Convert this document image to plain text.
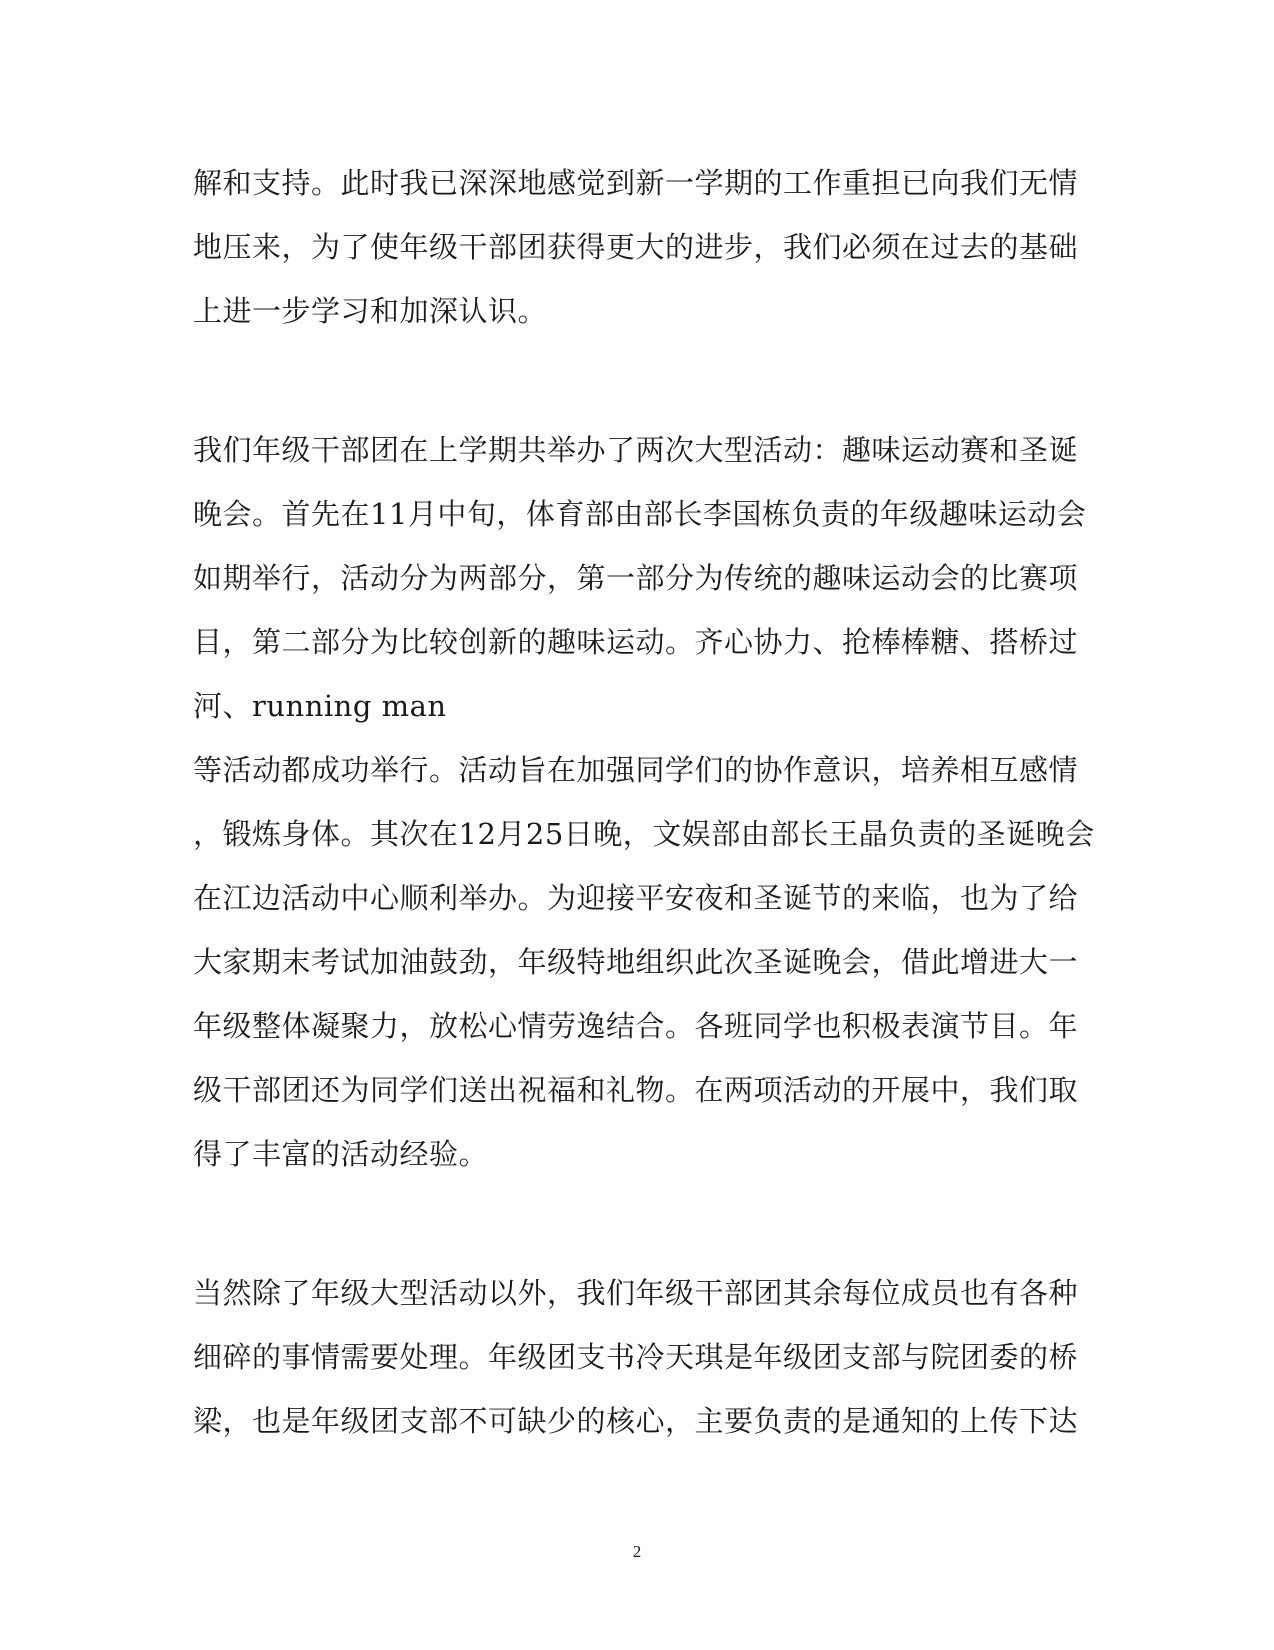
解和支持。此时我已深深地感觉到新一学期的工作重担已向我们无情
地压来，为了使年级干部团获得更大的进步，我们必须在过去的基础
上进一步学习和加深认识。
我们年级干部团在上学期共举办了两次大型活动：趣味运动赛和圣诞
晚会。首先在11月中旬，体育部由部长李国栋负责的年级趣味运动会
如期举行，活动分为两部分，第一部分为传统的趣味运动会的比赛项
目，第二部分为比较创新的趣味运动。齐心协力、抢棒棒糖、搭桥过
河、running man
等活动都成功举行。活动旨在加强同学们的协作意识，培养相互感情
，锻炼身体。其次在12月25日晚，文娱部由部长王晶负责的圣诞晚会
在江边活动中心顺利举办。为迎接平安夜和圣诞节的来临，也为了给
大家期末考试加油鼓劲，年级特地组织此次圣诞晚会，借此增进大一
年级整体凝聚力，放松心情劳逸结合。各班同学也积极表演节目。年
级干部团还为同学们送出祝福和礼物。在两项活动的开展中，我们取
得了丰富的活动经验。
当然除了年级大型活动以外，我们年级干部团其余每位成员也有各种
细碎的事情需要处理。年级团支书冷天琪是年级团支部与院团委的桥
梁，也是年级团支部不可缺少的核心，主要负责的是通知的上传下达
2
